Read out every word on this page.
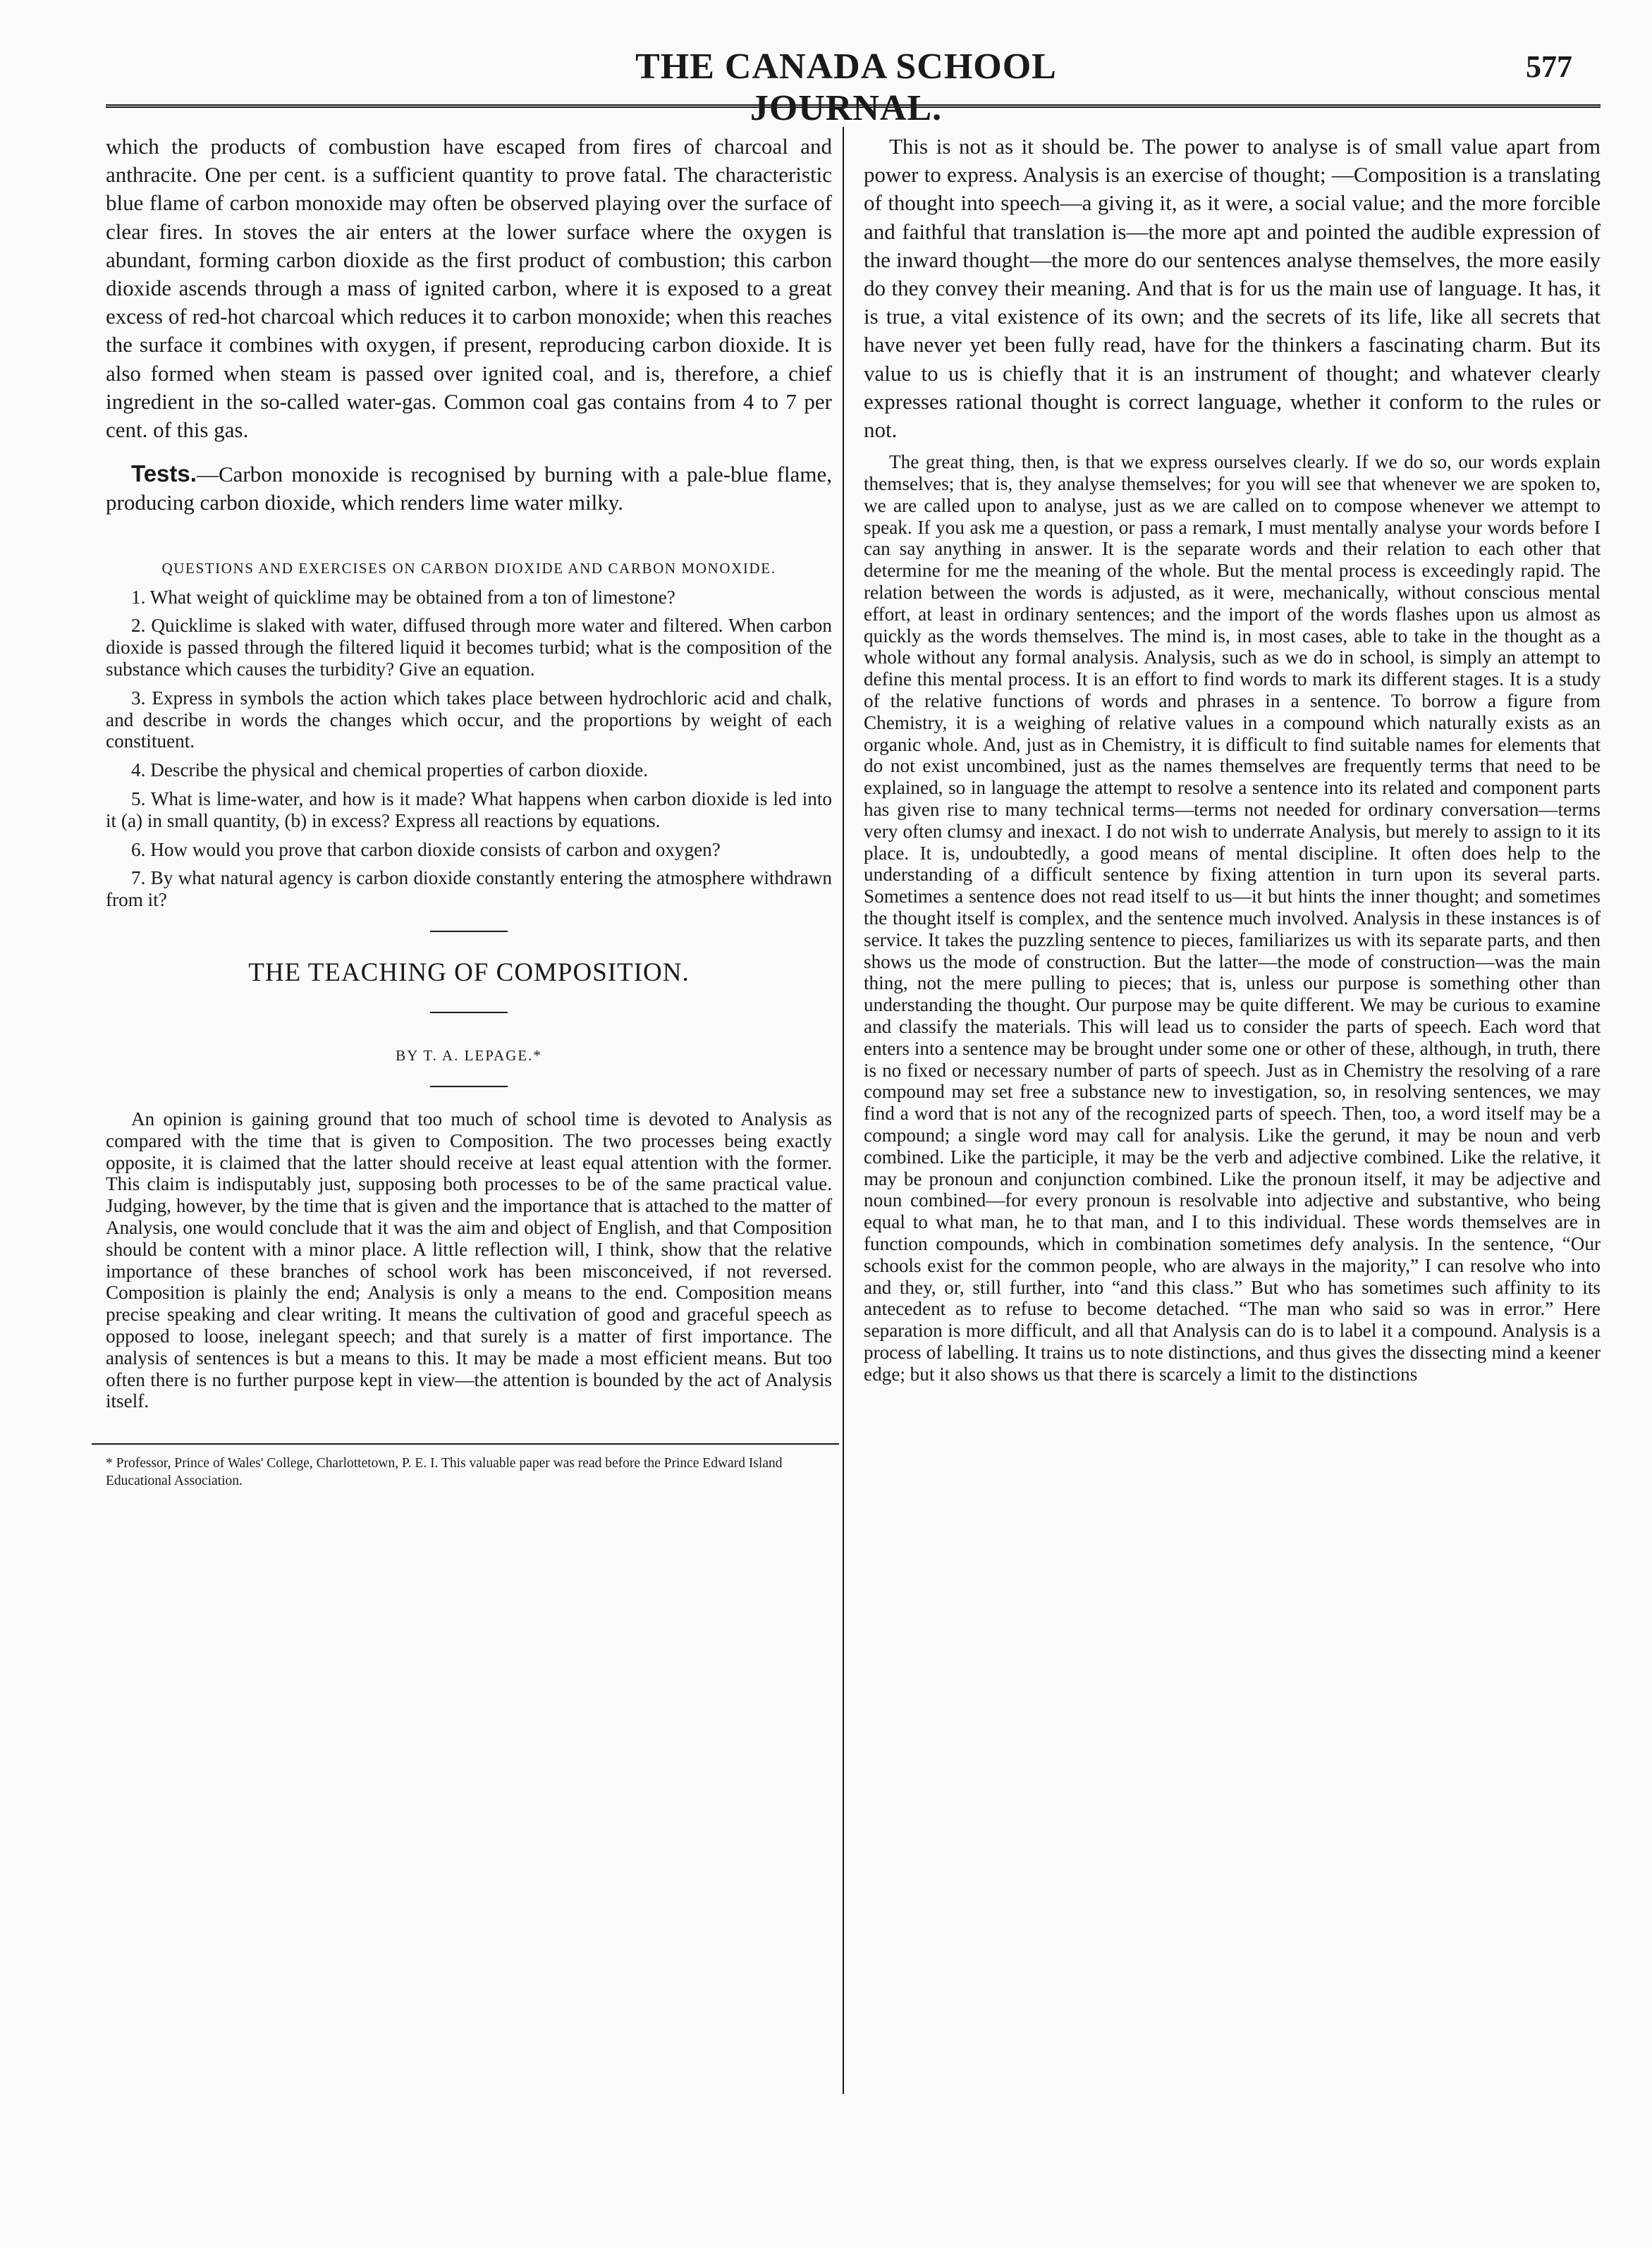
THE CANADA SCHOOL JOURNAL.
577

which the products of combustion have escaped from fires of charcoal and anthracite. One per cent. is a sufficient quantity to prove fatal. The characteristic blue flame of carbon monoxide may often be observed playing over the surface of clear fires. In stoves the air enters at the lower surface where the oxygen is abundant, forming carbon dioxide as the first product of combustion; this carbon dioxide ascends through a mass of ignited carbon, where it is exposed to a great excess of red-hot charcoal which reduces it to carbon monoxide; when this reaches the surface it combines with oxygen, if present, reproducing carbon dioxide. It is also formed when steam is passed over ignited coal, and is, therefore, a chief ingredient in the so-called water-gas. Common coal gas contains from 4 to 7 per cent. of this gas.

Tests.—Carbon monoxide is recognised by burning with a pale-blue flame, producing carbon dioxide, which renders lime water milky.

QUESTIONS AND EXERCISES ON CARBON DIOXIDE AND CARBON MONOXIDE.

1. What weight of quicklime may be obtained from a ton of limestone?

2. Quicklime is slaked with water, diffused through more water and filtered. When carbon dioxide is passed through the filtered liquid it becomes turbid; what is the composition of the substance which causes the turbidity? Give an equation.

3. Express in symbols the action which takes place between hydrochloric acid and chalk, and describe in words the changes which occur, and the proportions by weight of each constituent.

4. Describe the physical and chemical properties of carbon dioxide.

5. What is lime-water, and how is it made? What happens when carbon dioxide is led into it (a) in small quantity, (b) in excess? Express all reactions by equations.

6. How would you prove that carbon dioxide consists of carbon and oxygen?

7. By what natural agency is carbon dioxide constantly entering the atmosphere withdrawn from it?

THE TEACHING OF COMPOSITION.
BY T. A. LEPAGE.*

An opinion is gaining ground that too much of school time is devoted to Analysis as compared with the time that is given to Composition. The two processes being exactly opposite, it is claimed that the latter should receive at least equal attention with the former. This claim is indisputably just, supposing both processes to be of the same practical value. Judging, however, by the time that is given and the importance that is attached to the matter of Analysis, one would conclude that it was the aim and object of English, and that Composition should be content with a minor place. A little reflection will, I think, show that the relative importance of these branches of school work has been misconceived, if not reversed. Composition is plainly the end; Analysis is only a means to the end. Composition means precise speaking and clear writing. It means the cultivation of good and graceful speech as opposed to loose, inelegant speech; and that surely is a matter of first importance. The analysis of sentences is but a means to this. It may be made a most efficient means. But too often there is no further purpose kept in view—the attention is bounded by the act of Analysis itself.

* Professor, Prince of Wales' College, Charlottetown, P. E. I. This valuable paper was read before the Prince Edward Island Educational Association.

This is not as it should be. The power to analyse is of small value apart from power to express. Analysis is an exercise of thought; —Composition is a translating of thought into speech—a giving it, as it were, a social value; and the more forcible and faithful that translation is—the more apt and pointed the audible expression of the inward thought—the more do our sentences analyse themselves, the more easily do they convey their meaning. And that is for us the main use of language. It has, it is true, a vital existence of its own; and the secrets of its life, like all secrets that have never yet been fully read, have for the thinkers a fascinating charm. But its value to us is chiefly that it is an instrument of thought; and whatever clearly expresses rational thought is correct language, whether it conform to the rules or not.

The great thing, then, is that we express ourselves clearly. If we do so, our words explain themselves; that is, they analyse themselves; for you will see that whenever we are spoken to, we are called upon to analyse, just as we are called on to compose whenever we attempt to speak. If you ask me a question, or pass a remark, I must mentally analyse your words before I can say anything in answer. It is the separate words and their relation to each other that determine for me the meaning of the whole. But the mental process is exceedingly rapid. The relation between the words is adjusted, as it were, mechanically, without conscious mental effort, at least in ordinary sentences; and the import of the words flashes upon us almost as quickly as the words themselves. The mind is, in most cases, able to take in the thought as a whole without any formal analysis. Analysis, such as we do in school, is simply an attempt to define this mental process. It is an effort to find words to mark its different stages. It is a study of the relative functions of words and phrases in a sentence. To borrow a figure from Chemistry, it is a weighing of relative values in a compound which naturally exists as an organic whole. And, just as in Chemistry, it is difficult to find suitable names for elements that do not exist uncombined, just as the names themselves are frequently terms that need to be explained, so in language the attempt to resolve a sentence into its related and component parts has given rise to many technical terms—terms not needed for ordinary conversation—terms very often clumsy and inexact. I do not wish to underrate Analysis, but merely to assign to it its place. It is, undoubtedly, a good means of mental discipline. It often does help to the understanding of a difficult sentence by fixing attention in turn upon its several parts. Sometimes a sentence does not read itself to us—it but hints the inner thought; and sometimes the thought itself is complex, and the sentence much involved. Analysis in these instances is of service. It takes the puzzling sentence to pieces, familiarizes us with its separate parts, and then shows us the mode of construction. But the latter—the mode of construction—was the main thing, not the mere pulling to pieces; that is, unless our purpose is something other than understanding the thought. Our purpose may be quite different. We may be curious to examine and classify the materials. This will lead us to consider the parts of speech. Each word that enters into a sentence may be brought under some one or other of these, although, in truth, there is no fixed or necessary number of parts of speech. Just as in Chemistry the resolving of a rare compound may set free a substance new to investigation, so, in resolving sentences, we may find a word that is not any of the recognized parts of speech. Then, too, a word itself may be a compound; a single word may call for analysis. Like the gerund, it may be noun and verb combined. Like the participle, it may be the verb and adjective combined. Like the relative, it may be pronoun and conjunction combined. Like the pronoun itself, it may be adjective and noun combined—for every pronoun is resolvable into adjective and substantive, who being equal to what man, he to that man, and I to this individual. These words themselves are in function compounds, which in combination sometimes defy analysis. In the sentence, “Our schools exist for the common people, who are always in the majority,” I can resolve who into and they, or, still further, into “and this class.” But who has sometimes such affinity to its antecedent as to refuse to become detached. “The man who said so was in error.” Here separation is more difficult, and all that Analysis can do is to label it a compound. Analysis is a process of labelling. It trains us to note distinctions, and thus gives the dissecting mind a keener edge; but it also shows us that there is scarcely a limit to the distinctions
